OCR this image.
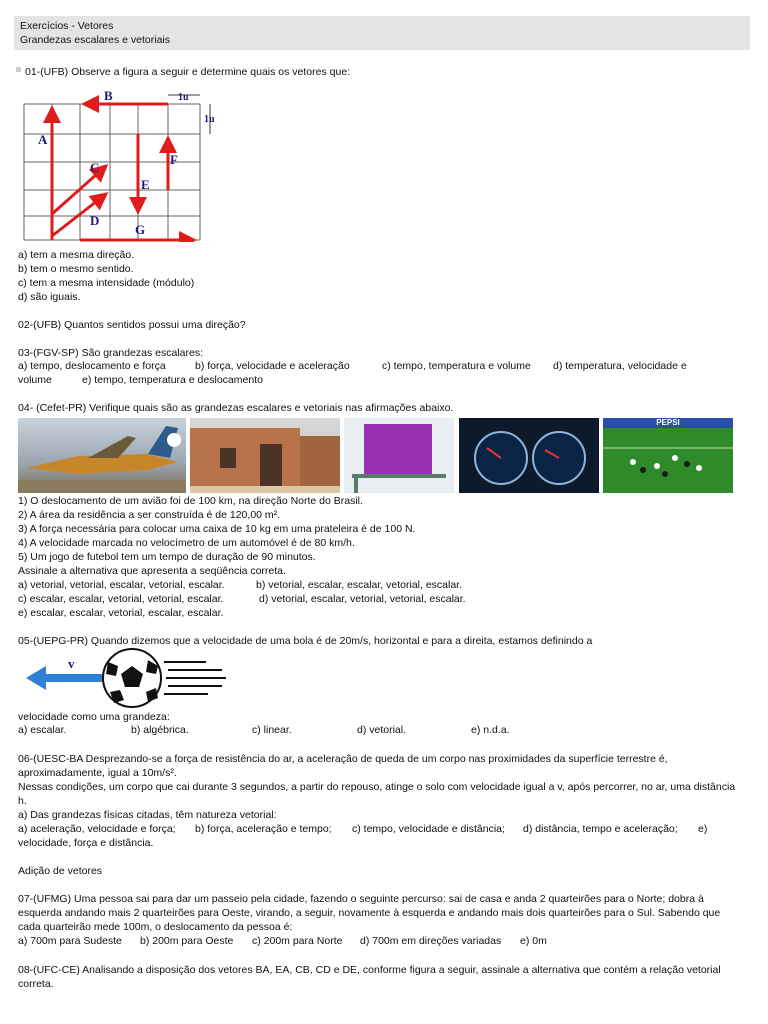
Exercícios - Vetores
Grandezas escalares e vetoriais
01-(UFB) Observe a figura a seguir e determine quais os vetores que:
A
B
C
D
E
F
G
1u
1u
a) tem a mesma direção.
b) tem o mesmo sentido.
c) tem a mesma intensidade (módulo)
d) são iguais.
02-(UFB) Quantos sentidos possui uma direção?
03-(FGV-SP) São grandezas escalares:
a) tempo, deslocamento e força	b) força, velocidade e aceleração	c) tempo, temperatura e volume d) temperatura, velocidade e
volume	e) tempo, temperatura e deslocamento
04- (Cefet-PR) Verifique quais são as grandezas escalares e vetoriais nas afirmações abaixo.
PEPSI
1) O deslocamento de um avião foi de 100 km, na direção Norte do Brasil.
2) A área da residência a ser construída é de 120,00 m².
3) A força necessária para colocar uma caixa de 10 kg em uma prateleira é de 100 N.
4) A velocidade marcada no velocímetro de um automóvel é de 80 km/h.
5) Um jogo de futebol tem um tempo de duração de 90 minutos.
Assinale a alternativa que apresenta a seqüência correta.
a) vetorial, vetorial, escalar, vetorial, escalar.	b) vetorial, escalar, escalar, vetorial, escalar.
c) escalar, escalar, vetorial, vetorial, escalar.	d) vetorial, escalar, vetorial, vetorial, escalar.
e) escalar, escalar, vetorial, escalar, escalar.
05-(UEPG-PR) Quando dizemos que a velocidade de uma bola é de 20m/s, horizontal e para a direita, estamos definindo a
v
velocidade como uma grandeza:
a) escalar.	b) algébrica.	c) linear.	d) vetorial.	e) n.d.a.
06-(UESC-BA Desprezando-se a força de resistência do ar, a aceleração de queda de um corpo nas proximidades da superfície terrestre é,
aproximadamente, igual a 10m/s².
Nessas condições, um corpo que cai durante 3 segundos, a partir do repouso, atinge o solo com velocidade igual a v, após percorrer, no ar, uma distância
h.
a) Das grandezas físicas citadas, têm natureza vetorial:
a) aceleração, velocidade e força; b) força, aceleração e tempo; c) tempo, velocidade e distância; d) distância, tempo e aceleração; e)
velocidade, força e distância.
Adição de vetores
07-(UFMG) Uma pessoa sai para dar um passeio pela cidade, fazendo o seguinte percurso: sai de casa e anda 2 quarteirões para o Norte; dobra à
esquerda andando mais 2 quarteirões para Oeste, virando, a seguir, novamente à esquerda e andando mais dois quarteirões para o Sul. Sabendo que
cada quarteirão mede 100m, o deslocamento da pessoa é:
a) 700m para Sudeste b) 200m para Oeste c) 200m para Norte d) 700m em direções variadas e) 0m
08-(UFC-CE) Analisando a disposição dos vetores BA, EA, CB, CD e DE, conforme figura a seguir, assinale a alternativa que contém a relação vetorial
correta.
